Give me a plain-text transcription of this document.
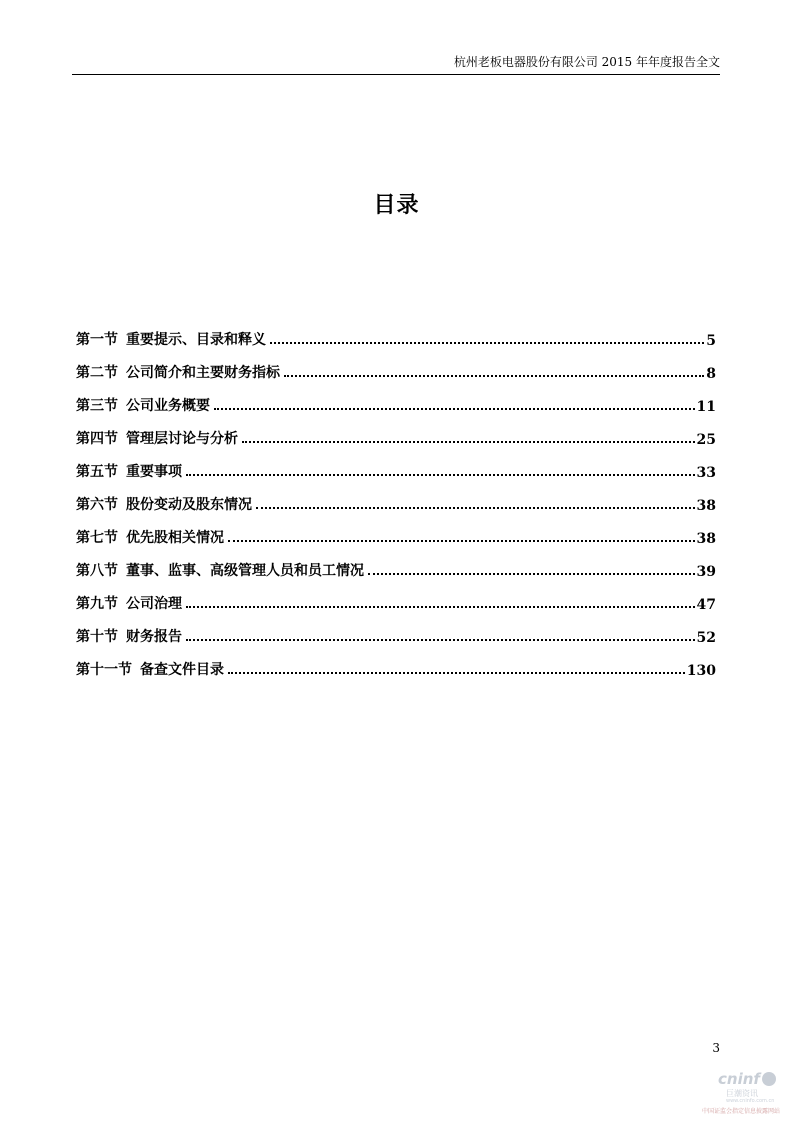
杭州老板电器股份有限公司 2015 年年度报告全文
目录
第一节 重要提示、目录和释义	5
第二节 公司简介和主要财务指标	8
第三节 公司业务概要	11
第四节 管理层讨论与分析	25
第五节 重要事项	33
第六节 股份变动及股东情况	38
第七节 优先股相关情况	38
第八节 董事、监事、高级管理人员和员工情况	39
第九节 公司治理	47
第十节 财务报告	52
第十一节 备查文件目录	130
3
cninf
巨潮资讯
www.cninfo.com.cn
中国证监会指定信息披露网站
